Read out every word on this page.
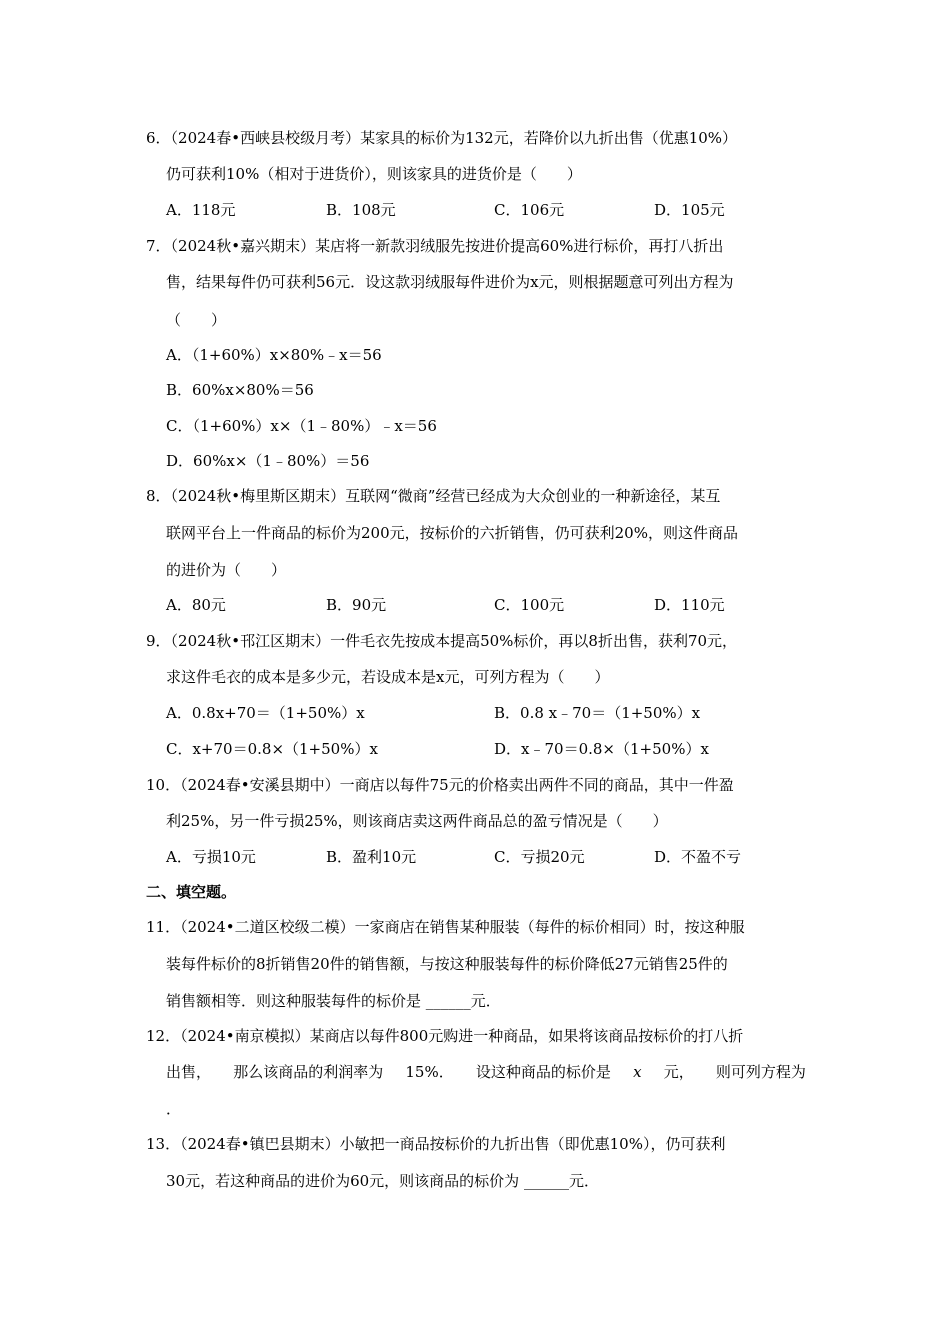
6．（2024春•西峡县校级月考）某家具的标价为132元，若降价以九折出售（优惠10%）
仍可获利10%（相对于进货价），则该家具的进货价是（　　）
A．118元	B．108元	C．106元	D．105元
7．（2024秋•嘉兴期末）某店将一新款羽绒服先按进价提高60%进行标价，再打八折出
售，结果每件仍可获利56元．设这款羽绒服每件进价为x元，则根据题意可列出方程为
（　　）
A．（1+60%）x×80%﹣x＝56
B．60%x×80%＝56
C．（1+60%）x×（1﹣80%）﹣x＝56
D．60%x×（1﹣80%）＝56
8．（2024秋•梅里斯区期末）互联网“微商”经营已经成为大众创业的一种新途径，某互
联网平台上一件商品的标价为200元，按标价的六折销售，仍可获利20%，则这件商品
的进价为（　　）
A．80元	B．90元	C．100元	D．110元
9．（2024秋•邗江区期末）一件毛衣先按成本提高50%标价，再以8折出售，获利70元，
求这件毛衣的成本是多少元，若设成本是x元，可列方程为（　　）
A．0.8x+70＝（1+50%）x	B．0.8 x﹣70＝（1+50%）x
C．x+70＝0.8×（1+50%）x	D．x﹣70＝0.8×（1+50%）x
10．（2024春•安溪县期中）一商店以每件75元的价格卖出两件不同的商品，其中一件盈
利25%，另一件亏损25%，则该商店卖这两件商品总的盈亏情况是（　　）
A．亏损10元	B．盈利10元	C．亏损20元	D．不盈不亏
二、填空题。
11．（2024•二道区校级二模）一家商店在销售某种服装（每件的标价相同）时，按这种服
装每件标价的8折销售20件的销售额，与按这种服装每件的标价降低27元销售25件的
销售额相等．则这种服装每件的标价是 ______元．
12．（2024•南京模拟）某商店以每件800元购进一种商品，如果将该商品按标价的打八折
出售， 那么该商品的利润率为 15%． 设这种商品的标价是 x 元， 则可列方程为
．
13．（2024春•镇巴县期末）小敏把一商品按标价的九折出售（即优惠10%），仍可获利
30元，若这种商品的进价为60元，则该商品的标价为 ______元．
